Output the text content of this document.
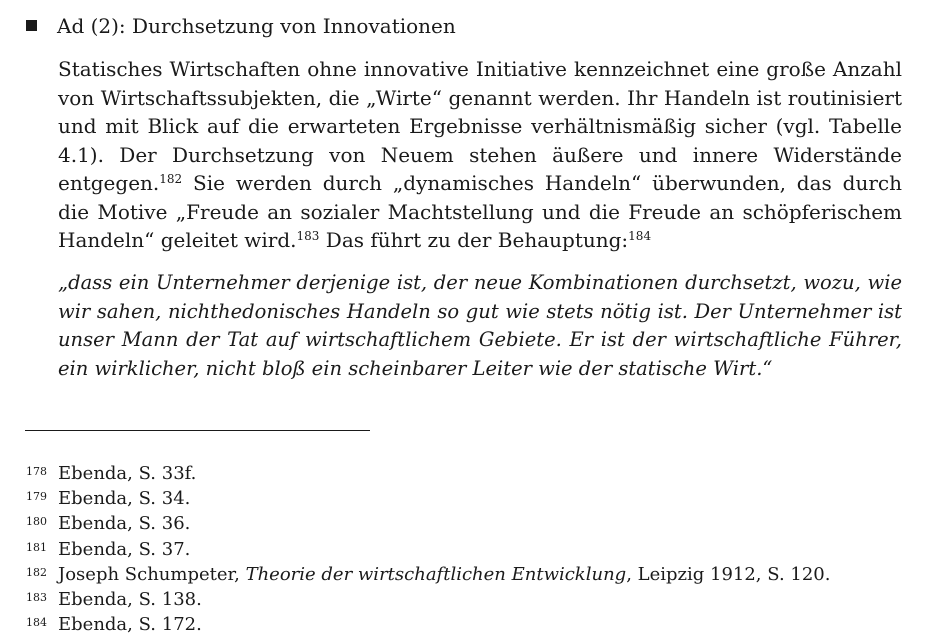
Ad (2): Durchsetzung von Innovationen
Statisches Wirtschaften ohne innovative Initiative kennzeichnet eine große Anzahl von Wirtschaftssubjekten, die „Wirte“ genannt werden. Ihr Handeln ist routinisiert und mit Blick auf die erwarteten Ergebnisse verhältnismäßig sicher (vgl. Tabelle 4.1). Der Durchsetzung von Neuem stehen äußere und innere Widerstände entgegen.$^{182}$ Sie werden durch „dynamisches Handeln“ überwunden, das durch die Motive „Freude an sozialer Machtstellung und die Freude an schöpferischem Handeln“ geleitet wird.$^{183}$ Das führt zu der Behauptung:$^{184}$
„dass ein Unternehmer derjenige ist, der neue Kombinationen durchsetzt, wozu, wie wir sahen, nichthedonisches Handeln so gut wie stets nötig ist. Der Unternehmer ist unser Mann der Tat auf wirtschaftlichem Gebiete. Er ist der wirtschaftliche Führer, ein wirklicher, nicht bloß ein scheinbarer Leiter wie der statische Wirt.“
178 Ebenda, S. 33f.
179 Ebenda, S. 34.
180 Ebenda, S. 36.
181 Ebenda, S. 37.
182 Joseph Schumpeter, Theorie der wirtschaftlichen Entwicklung, Leipzig 1912, S. 120.
183 Ebenda, S. 138.
184 Ebenda, S. 172.
